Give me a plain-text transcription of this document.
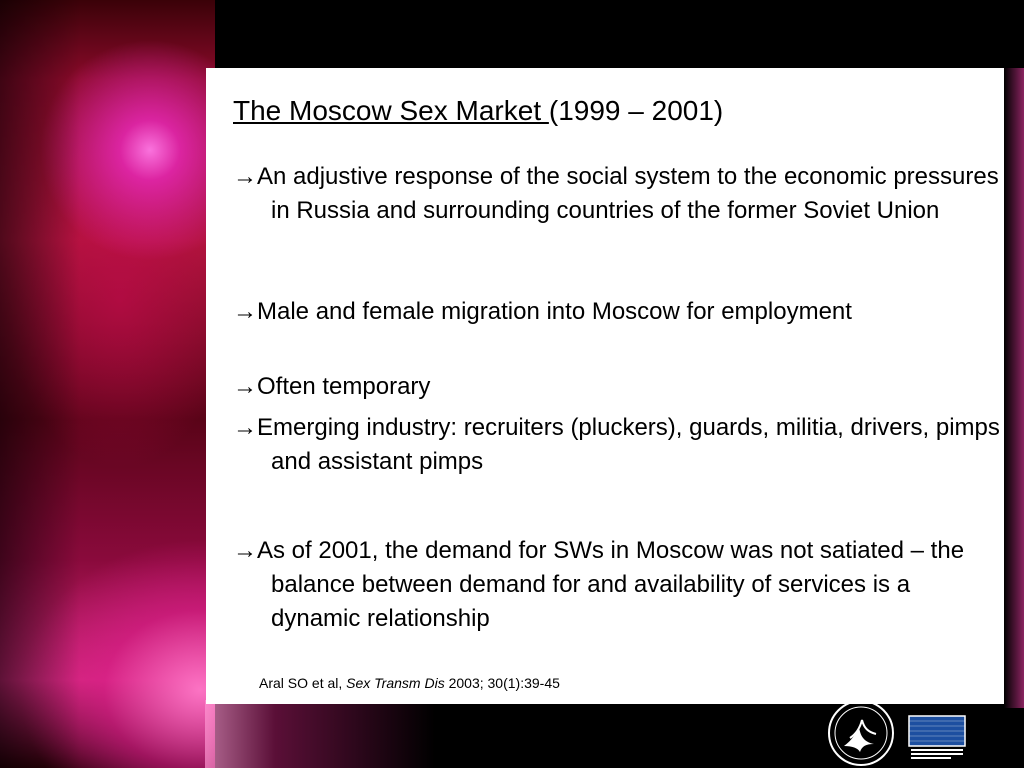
The Moscow Sex Market (1999 – 2001)
→An adjustive response of the social system to the economic pressures in Russia and surrounding countries of the former Soviet Union
→Male and female migration into Moscow for employment
→Often temporary
→Emerging industry: recruiters (pluckers), guards, militia, drivers, pimps and assistant pimps
→As of 2001, the demand for SWs in Moscow was not satiated – the balance between demand for and availability of services is a dynamic relationship
Aral SO et al, Sex Transm Dis 2003; 30(1):39-45
